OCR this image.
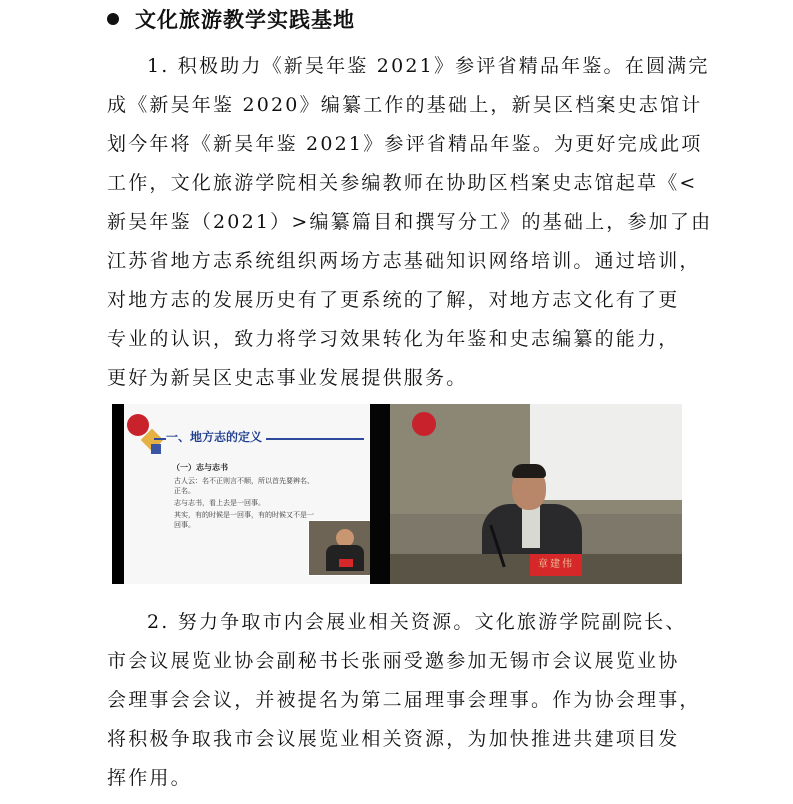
文化旅游教学实践基地
1. 积极助力《新吴年鉴 2021》参评省精品年鉴。在圆满完
成《新吴年鉴 2020》编纂工作的基础上，新吴区档案史志馆计
划今年将《新吴年鉴 2021》参评省精品年鉴。为更好完成此项
工作，文化旅游学院相关参编教师在协助区档案史志馆起草《<
新吴年鉴（2021）>编纂篇目和撰写分工》的基础上，参加了由
江苏省地方志系统组织两场方志基础知识网络培训。通过培训，
对地方志的发展历史有了更系统的了解，对地方志文化有了更
专业的认识，致力将学习效果转化为年鉴和史志编纂的能力，
更好为新吴区史志事业发展提供服务。
一、地方志的定义
（一）志与志书
古人云：名不正则言不顺，所以首先要辨名、
正名。
志与志书，看上去是一回事。
其实，有的时候是一回事，有的时候又不是一
回事。
章建伟
2. 努力争取市内会展业相关资源。文化旅游学院副院长、
市会议展览业协会副秘书长张丽受邀参加无锡市会议展览业协
会理事会会议，并被提名为第二届理事会理事。作为协会理事，
将积极争取我市会议展览业相关资源，为加快推进共建项目发
挥作用。
